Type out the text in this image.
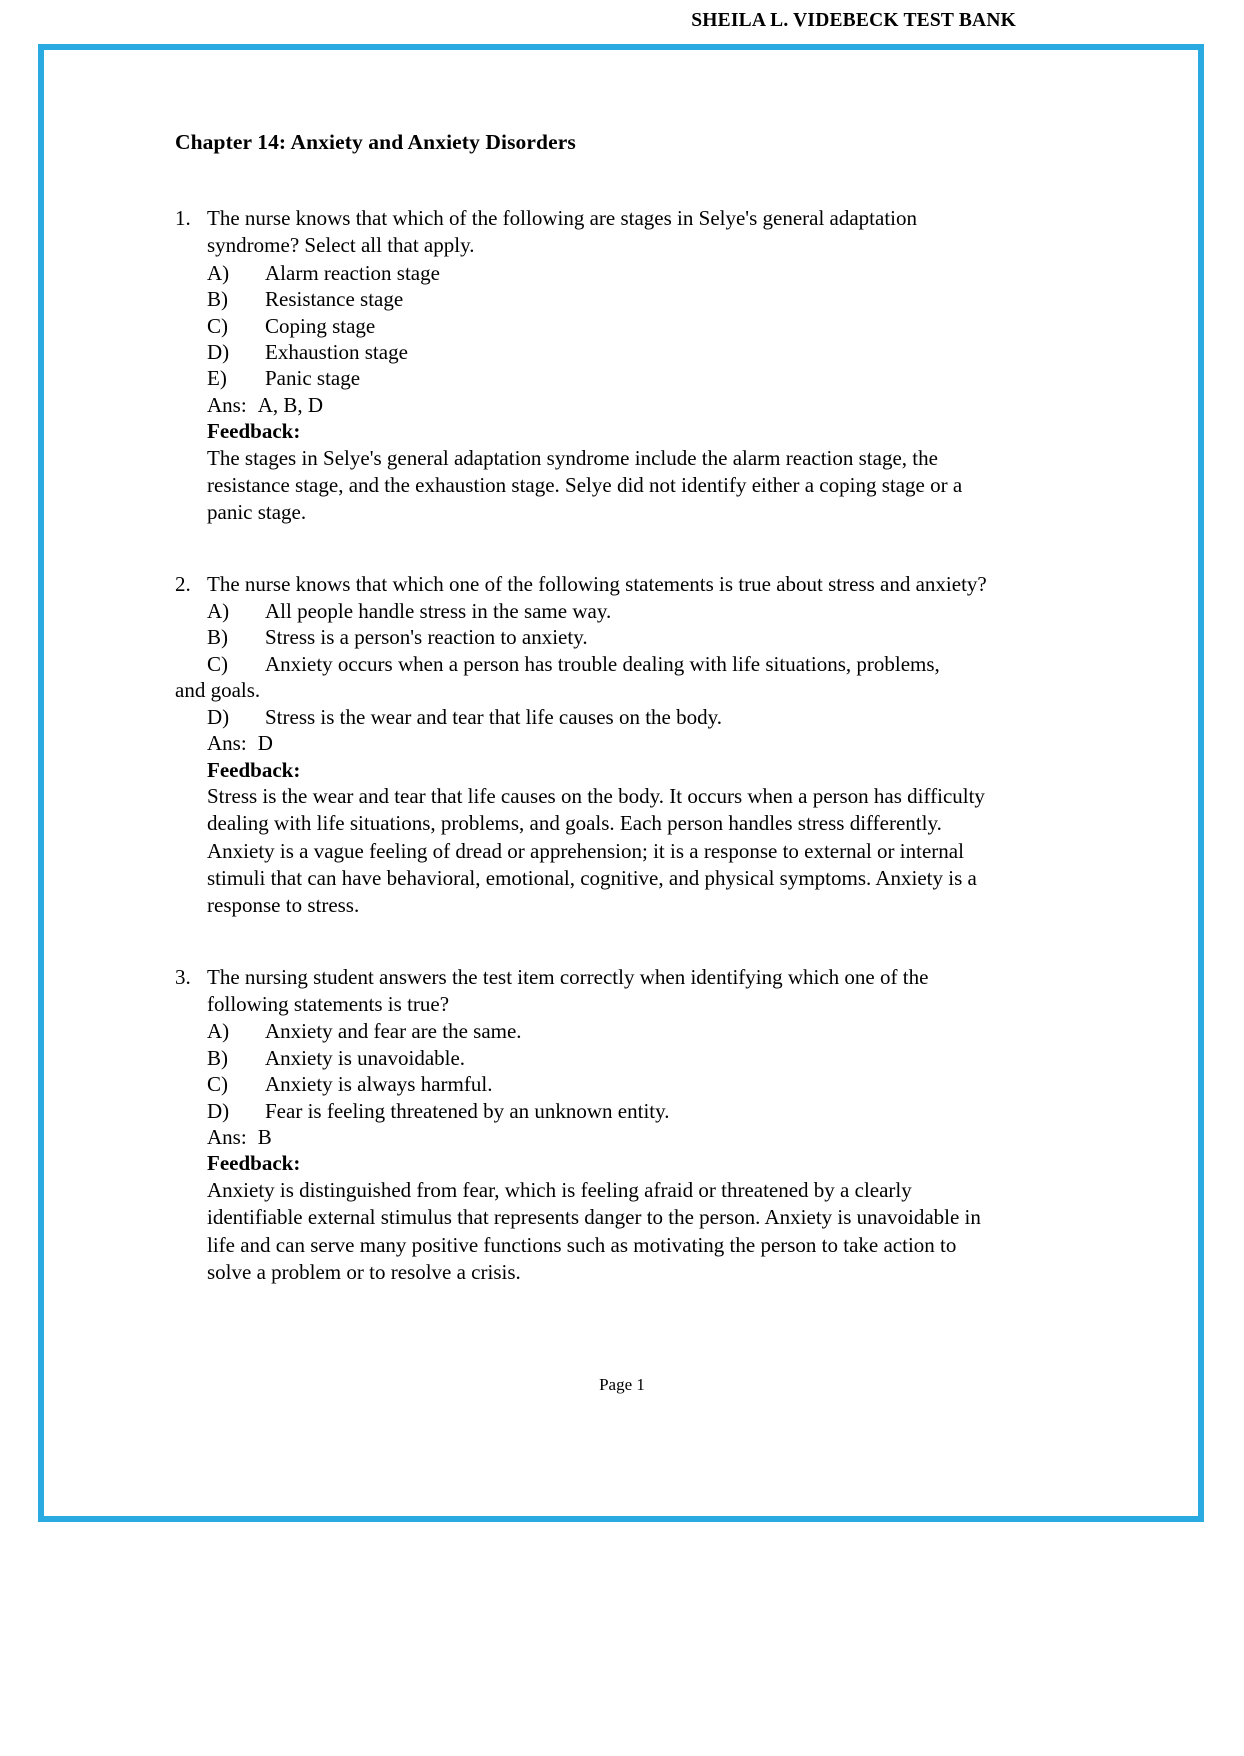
SHEILA L. VIDEBECK TEST BANK
Chapter 14: Anxiety and Anxiety Disorders
1. The nurse knows that which of the following are stages in Selye's general adaptation syndrome? Select all that apply.
A)	Alarm reaction stage
B)	Resistance stage
C)	Coping stage
D)	Exhaustion stage
E)	Panic stage
Ans: A, B, D
Feedback:
The stages in Selye's general adaptation syndrome include the alarm reaction stage, the resistance stage, and the exhaustion stage. Selye did not identify either a coping stage or a panic stage.
2. The nurse knows that which one of the following statements is true about stress and anxiety?
A)	All people handle stress in the same way.
B)	Stress is a person's reaction to anxiety.
C)	Anxiety occurs when a person has trouble dealing with life situations, problems,
and goals.
D)	Stress is the wear and tear that life causes on the body.
Ans: D
Feedback:
Stress is the wear and tear that life causes on the body. It occurs when a person has difficulty dealing with life situations, problems, and goals. Each person handles stress differently. Anxiety is a vague feeling of dread or apprehension; it is a response to external or internal stimuli that can have behavioral, emotional, cognitive, and physical symptoms. Anxiety is a response to stress.
3. The nursing student answers the test item correctly when identifying which one of the following statements is true?
A)	Anxiety and fear are the same.
B)	Anxiety is unavoidable.
C)	Anxiety is always harmful.
D)	Fear is feeling threatened by an unknown entity.
Ans: B
Feedback:
Anxiety is distinguished from fear, which is feeling afraid or threatened by a clearly identifiable external stimulus that represents danger to the person. Anxiety is unavoidable in life and can serve many positive functions such as motivating the person to take action to solve a problem or to resolve a crisis.
Page 1
